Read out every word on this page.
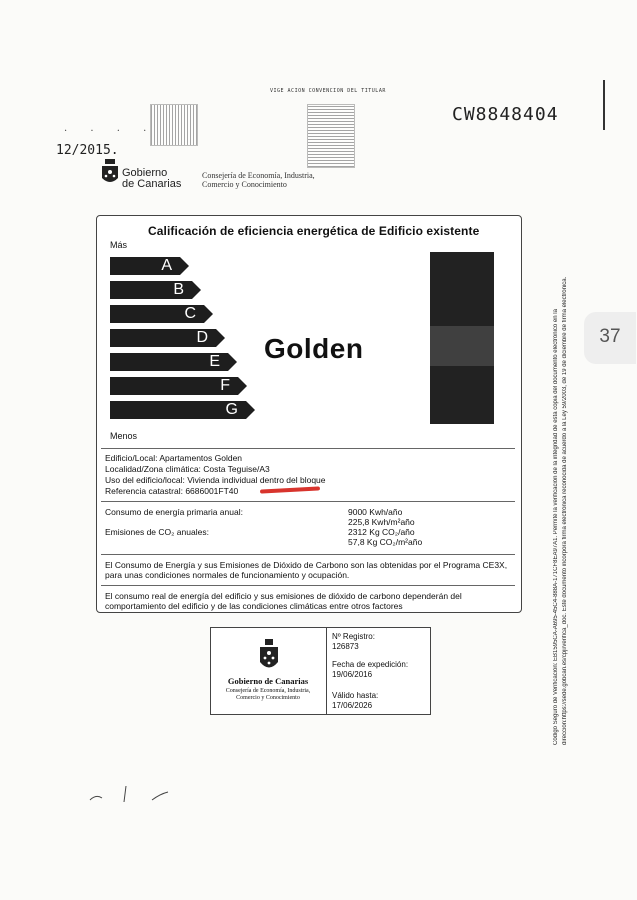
VIGE ACION CONVENCION DEL TITULAR
CW8848404
. . . .
12/2015.
Gobierno
de Canarias
Consejería de Economía, Industria,
Comercio y Conocimiento
37
Calificación de eficiencia energética de Edificio existente
Más
A
B
C
D
E
F
G
Menos
Golden
Edificio/Local: Apartamentos Golden
Localidad/Zona climática: Costa Teguise/A3
Uso del edificio/local: Vivienda individual dentro del bloque
Referencia catastral: 6686001FT40
Consumo de energía primaria anual:	9000 Kwh/año
225,8 Kwh/m²año
Emisiones de CO₂ anuales:	2312 Kg CO₂/año
57,8 Kg CO₂/m²año
El Consumo de Energía y sus Emisiones de Dióxido de Carbono son las obtenidas por el Programa CE3X,
para unas condiciones normales de funcionamiento y ocupación.
El consumo real de energía del edificio y sus emisiones de dióxido de carbono dependerán del
comportamiento del edificio y de las condiciones climáticas entre otros factores
Gobierno de Canarias
Consejería de Economía, Industria,
Comercio y Conocimiento
Nº Registro:
126873
Fecha de expedición:
19/06/2016
Válido hasta:
17/06/2026	Código Seguro de Verificación: EB1595CA-A695-45C4-888A-171CF8EA97A1. Permite la verificación de la integridad de esta copia del documento electrónico en la dirección:https://sede.gobcan.es/cpji/verifica_doc. Este documento incorpora firma electrónica reconocida de acuerdo a la Ley 59/2003, de 19 de diciembre de firma electrónica.
